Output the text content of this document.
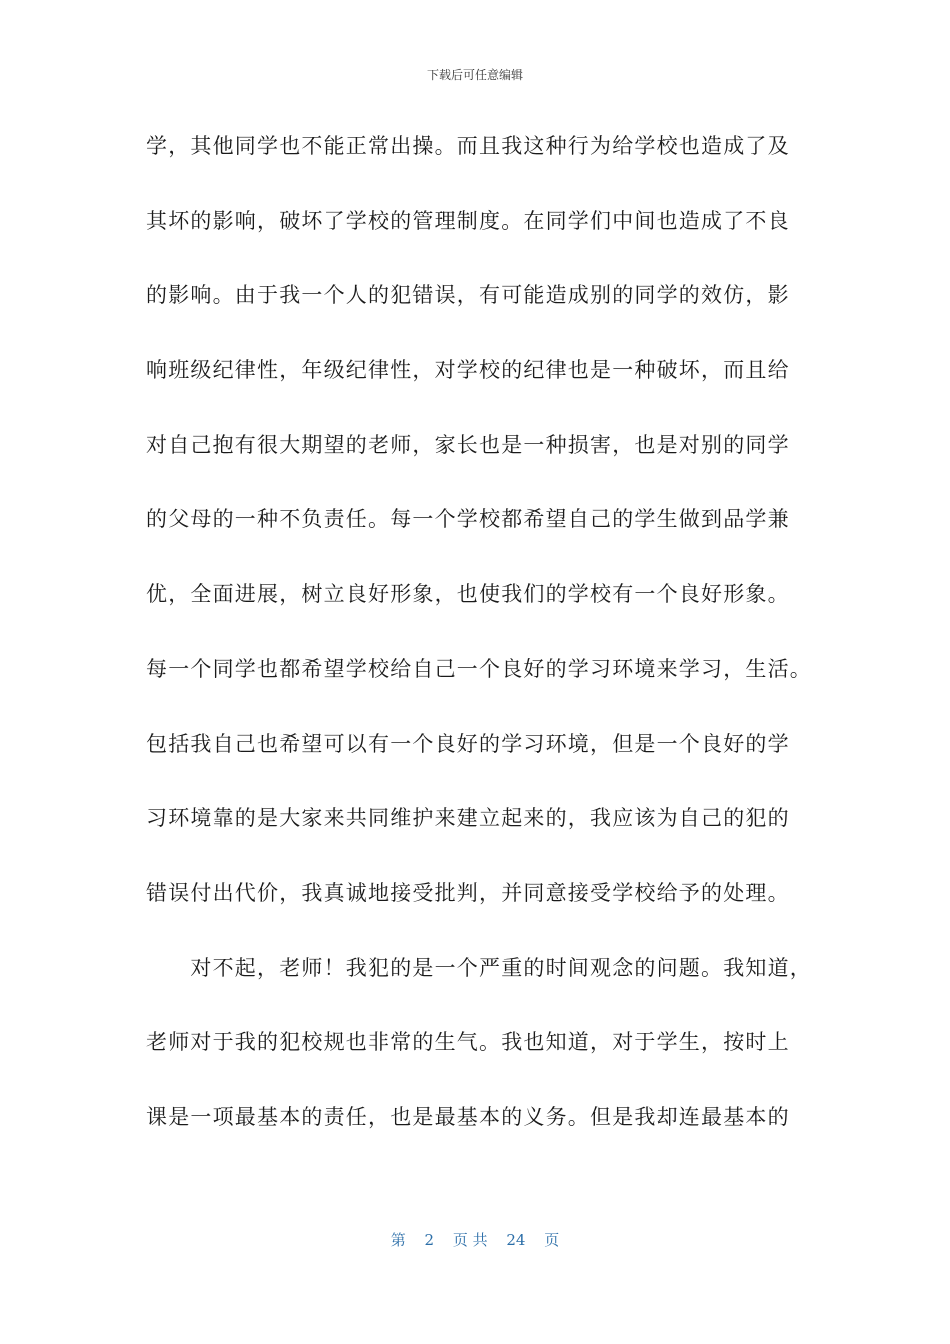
下载后可任意编辑
学，其他同学也不能正常出操。而且我这种行为给学校也造成了及
其坏的影响，破坏了学校的管理制度。在同学们中间也造成了不良
的影响。由于我一个人的犯错误，有可能造成别的同学的效仿，影
响班级纪律性，年级纪律性，对学校的纪律也是一种破坏，而且给
对自己抱有很大期望的老师，家长也是一种损害，也是对别的同学
的父母的一种不负责任。每一个学校都希望自己的学生做到品学兼
优，全面进展，树立良好形象，也使我们的学校有一个良好形象。
每一个同学也都希望学校给自己一个良好的学习环境来学习，生活。
包括我自己也希望可以有一个良好的学习环境，但是一个良好的学
习环境靠的是大家来共同维护来建立起来的，我应该为自己的犯的
错误付出代价，我真诚地接受批判，并同意接受学校给予的处理。
　　对不起，老师！我犯的是一个严重的时间观念的问题。我知道，
老师对于我的犯校规也非常的生气。我也知道，对于学生，按时上
课是一项最基本的责任，也是最基本的义务。但是我却连最基本的
第 2 页 共 24 页
